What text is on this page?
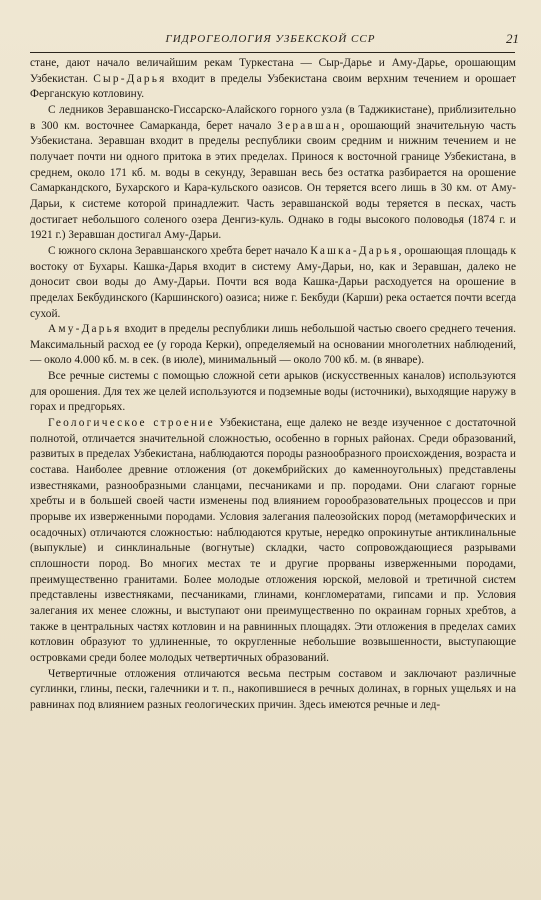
ГИДРОГЕОЛОГИЯ УЗБЕКСКОЙ ССР	21

стане, дают начало величайшим рекам Туркестана — Сыр-Дарье и Аму-Дарье, орошающим Узбекистан. Сыр-Дарья входит в пределы Узбекистана своим верхним течением и орошает Ферганскую котловину.

С ледников Зеравшанско-Гиссарско-Алайского горного узла (в Таджикистане), приблизительно в 300 км. восточнее Самарканда, берет начало Зеравшан, орошающий значительную часть Узбекистана. Зеравшан входит в пределы республики своим средним и нижним течением и не получает почти ни одного притока в этих пределах. Принося к восточной границе Узбекистана, в среднем, около 171 кб. м. воды в секунду, Зеравшан весь без остатка разбирается на орошение Самаркандского, Бухарского и Кара-кульского оазисов. Он теряется всего лишь в 30 км. от Аму-Дарьи, к системе которой принадлежит. Часть зеравшанской воды теряется в песках, часть достигает небольшого соленого озера Денгиз-куль. Однако в годы высокого половодья (1874 г. и 1921 г.) Зеравшан достигал Аму-Дарьи.

С южного склона Зеравшанского хребта берет начало Кашка-Дарья, орошающая площадь к востоку от Бухары. Кашка-Дарья входит в систему Аму-Дарьи, но, как и Зеравшан, далеко не доносит свои воды до Аму-Дарьи. Почти вся вода Кашка-Дарьи расходуется на орошение в пределах Бекбудинского (Каршинского) оазиса; ниже г. Бекбуди (Карши) река остается почти всегда сухой.

Аму-Дарья входит в пределы республики лишь небольшой частью своего среднего течения. Максимальный расход ее (у города Керки), определяемый на основании многолетних наблюдений, — около 4.000 кб. м. в сек. (в июле), минимальный — около 700 кб. м. (в январе).

Все речные системы с помощью сложной сети арыков (искусственных каналов) используются для орошения. Для тех же целей используются и подземные воды (источники), выходящие наружу в горах и предгорьях.

Геологическое строение Узбекистана, еще далеко не везде изученное с достаточной полнотой, отличается значительной сложностью, особенно в горных районах. Среди образований, развитых в пределах Узбекистана, наблюдаются породы разнообразного происхождения, возраста и состава. Наиболее древние отложения (от докембрийских до каменноугольных) представлены известняками, разнообразными сланцами, песчаниками и пр. породами. Они слагают горные хребты и в большей своей части изменены под влиянием горообразовательных процессов и при прорыве их изверженными породами. Условия залегания палеозойских пород (метаморфических и осадочных) отличаются сложностью: наблюдаются крутые, нередко опрокинутые антиклинальные (выпуклые) и синклинальные (вогнутые) складки, часто сопровождающиеся разрывами сплошности пород. Во многих местах те и другие прорваны изверженными породами, преимущественно гранитами. Более молодые отложения юрской, меловой и третичной систем представлены известняками, песчаниками, глинами, конгломератами, гипсами и пр. Условия залегания их менее сложны, и выступают они преимущественно по окраинам горных хребтов, а также в центральных частях котловин и на равнинных площадях. Эти отложения в пределах самих котловин образуют то удлиненные, то округленные небольшие возвышенности, выступающие островками среди более молодых четвертичных образований.

Четвертичные отложения отличаются весьма пестрым составом и заключают различные суглинки, глины, пески, галечники и т. п., накопившиеся в речных долинах, в горных ущельях и на равнинах под влиянием разных геологических причин. Здесь имеются речные и лед-
